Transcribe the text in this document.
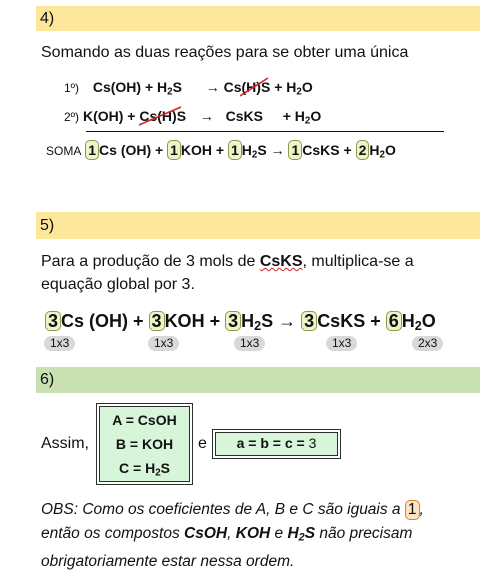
4)
Somando as duas reações para se obter uma única
1º) $Cs(OH) + H_2S \to Cs(H)$
$S + H_2O$
2º) K(OH) + Cs(H)
S → CsKS + $H_2O$
SOMA 1 Cs (OH) + 1 KOH + 1 $H_2S \to 1$ CsKS + 2 $H_2O$
5)
Para a produção de 3 mols de CsKS, multiplica-se a
equação global por 3.
3 Cs (OH) + 3 KOH + 3 $H_2S \to 3$ CsKS + 6 $H_2O$
1x3	1x3	1x3	1x3	2x3
6)
Assim,
A = CsOH
B = KOH
$C = H_2S$
e	a = b = c = 3
OBS: Como os coeficientes de A, B e C são iguais a 1 ,
então os compostos CsOH, KOH e $H_2S$ não precisam
obrigatoriamente estar nessa ordem.
